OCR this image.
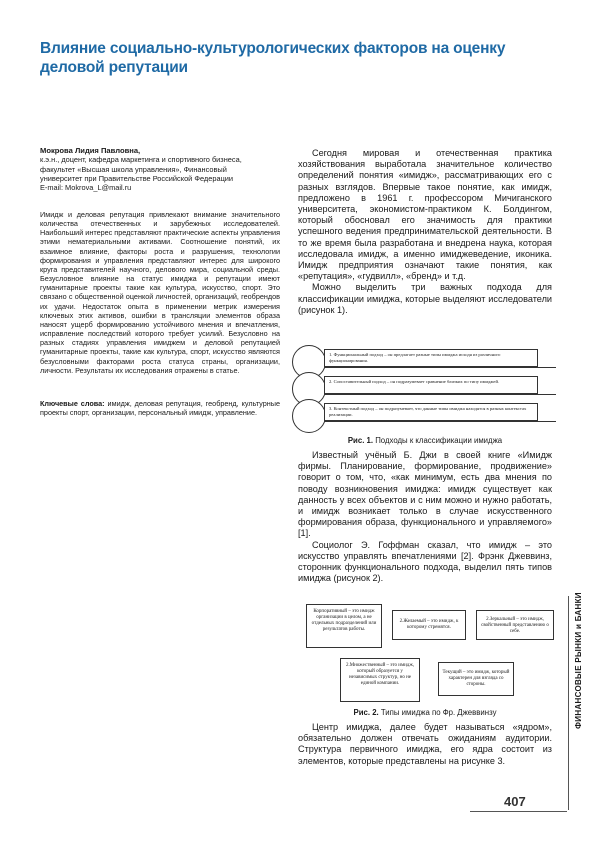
Влияние социально-культурологических факторов на оценку деловой репутации
Мокрова Лидия Павловна,
к.э.н., доцент, кафедра маркетинга и спортивного бизнеса,
факультет «Высшая школа управления», Финансовый
университет при Правительстве Российской Федерации
E-mail: Mokrova_L@mail.ru
Имидж и деловая репутация привлекают внимание значительного количества отечественных и зарубежных исследователей. Наибольший интерес представляют практические аспекты управления этими нематериальными активами. Соотношение понятий, их взаимное влияние, факторы роста и разрушения, технологии формирования и управления представляют интерес для широкого круга представителей научного, делового мира, социальной среды. Безусловное влияние на статус имиджа и репутации имеют гуманитарные проекты такие как культура, искусство, спорт. Это связано с общественной оценкой личностей, организаций, геобрендов их удачи. Недостаток опыта в применении метрик измерения ключевых этих активов, ошибки в трансляции элементов образа наносят ущерб формированию устойчивого мнения и впечатления, исправление последствий которого требует усилий. Безусловно на разных стадиях управления имиджем и деловой репутацией гуманитарные проекты, такие как культура, спорт, искусство являются безусловными факторами роста статуса страны, организации, личности. Результаты их исследования отражены в статье.
Ключевые слова: имидж, деловая репутация, геобренд, культурные проекты спорт, организации, персональный имидж, управление.

Сегодня мировая и отечественная практика хозяйствования выработала значительное количество определений понятия «имидж», рассматривающих его с разных взглядов. Впервые такое понятие, как имидж, предложено в 1961 г. профессором Мичиганского университета, экономистом-практиком К. Болдингом, который обосновал его значимость для практики успешного ведения предпринимательской деятельности. В то же время была разработана и внедрена наука, которая исследовала имидж, а именно имиджеведение, иконика. Имидж предприятия означают такие понятия, как «репутация», «гудвилл», «бренд» и т.д.

Можно выделить три важных подхода для классификации имиджа, которые выделяют исследователи (рисунок 1).

1. Функциональный подход – он предлагает разные типы имиджа исходя из различного функционирования.
2. Сопоставительный подход – он подразумевает сравнение близких по типу имиджей.
3. Контекстный подход – он подразумевает, что данные типы имиджа находятся в разных контекстах реализации.
Рис. 1. Подходы к классификации имиджа

Известный учёный Б. Джи в своей книге «Имидж фирмы. Планирование, формирование, продвижение» говорит о том, что, «как минимум, есть два мнения по поводу возникновения имиджа: имидж существует как данность у всех объектов и с ним можно и нужно работать, и имидж возникает только в случае искусственного формирования образа, функционального и управляемого» [1].

Социолог Э. Гоффман сказал, что имидж – это искусство управлять впечатлениями [2]. Фрэнк Джеввинз, сторонник функционального подхода, выделил пять типов имиджа (рисунок 2).

Корпоративный – это имидж организации в целом, а не отдельных подразделений или результатов работы.
2.Желаемый – это имидж, к которому стремятся.
2.Зеркальный – это имидж, свойственный представлению о себе.
2.Множественный – это имидж, который образуется у независимых структур, но не единой компании.
Текущий – это имидж, который характерен для взгляда со стороны.
Рис. 2. Типы имиджа по Фр. Джеввинзу

Центр имиджа, далее будет называться «ядром», обязательно должен отвечать ожиданиям аудитории. Структура первичного имиджа, его ядра состоит из элементов, которые представлены на рисунке 3.

ФИНАНСОВЫЕ РЫНКИ и БАНКИ
407
